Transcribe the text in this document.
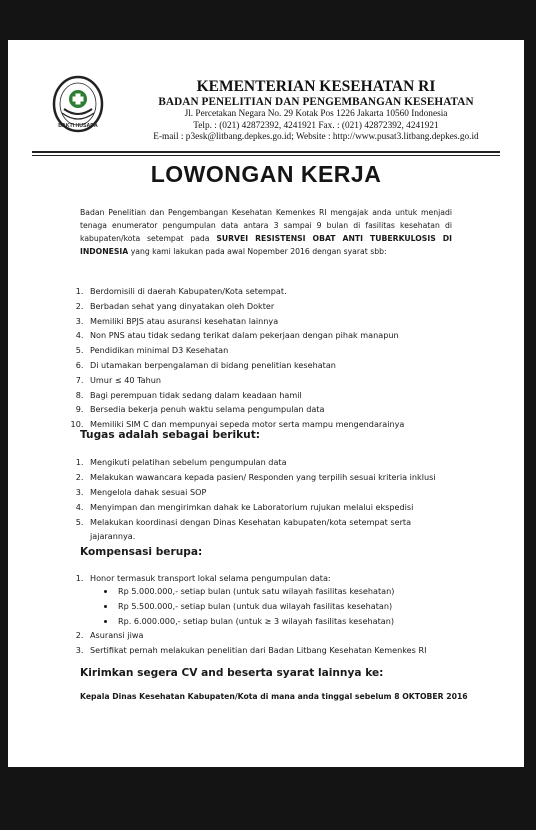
BAKTI HUSADA
KEMENTERIAN KESEHATAN RI
BADAN PENELITIAN DAN PENGEMBANGAN KESEHATAN
Jl. Percetakan Negara No. 29 Kotak Pos 1226 Jakarta 10560 Indonesia
Telp. : (021) 42872392, 4241921 Fax. : (021) 42872392, 4241921
E-mail : p3esk@litbang.depkes.go.id; Website : http://www.pusat3.litbang.depkes.go.id
LOWONGAN KERJA
Badan Penelitian dan Pengembangan Kesehatan Kemenkes RI mengajak anda untuk menjadi tenaga enumerator pengumpulan data antara 3 sampai 9 bulan di fasilitas kesehatan di kabupaten/kota setempat pada SURVEI RESISTENSI OBAT ANTI TUBERKULOSIS DI INDONESIA yang kami lakukan pada awal Nopember 2016 dengan syarat sbb:
1. Berdomisili di daerah Kabupaten/Kota setempat.
2. Berbadan sehat yang dinyatakan oleh Dokter
3. Memiliki BPJS atau asuransi kesehatan lainnya
4. Non PNS atau tidak sedang terikat dalam pekerjaan dengan pihak manapun
5. Pendidikan minimal D3 Kesehatan
6. Di utamakan berpengalaman di bidang penelitian kesehatan
7. Umur ≤ 40 Tahun
8. Bagi perempuan tidak sedang dalam keadaan hamil
9. Bersedia bekerja penuh waktu selama pengumpulan data
10. Memiliki SIM C dan mempunyai sepeda motor serta mampu mengendarainya
Tugas adalah sebagai berikut:
1. Mengikuti pelatihan sebelum pengumpulan data
2. Melakukan wawancara kepada pasien/ Responden yang terpilih sesuai kriteria inklusi
3. Mengelola dahak sesuai SOP
4. Menyimpan dan mengirimkan dahak ke Laboratorium rujukan melalui ekspedisi
5. Melakukan koordinasi dengan Dinas Kesehatan kabupaten/kota setempat serta jajarannya.
Kompensasi berupa:
1. Honor termasuk transport lokal selama pengumpulan data:
• Rp 5.000.000,- setiap bulan (untuk satu wilayah fasilitas kesehatan)
• Rp 5.500.000,- setiap bulan (untuk dua wilayah fasilitas kesehatan)
• Rp. 6.000.000,- setiap bulan (untuk ≥ 3 wilayah fasilitas kesehatan)
2. Asuransi jiwa
3. Sertifikat pernah melakukan penelitian dari Badan Litbang Kesehatan Kemenkes RI
Kirimkan segera CV and beserta syarat lainnya ke:
Kepala Dinas Kesehatan Kabupaten/Kota di mana anda tinggal sebelum 8 OKTOBER 2016
